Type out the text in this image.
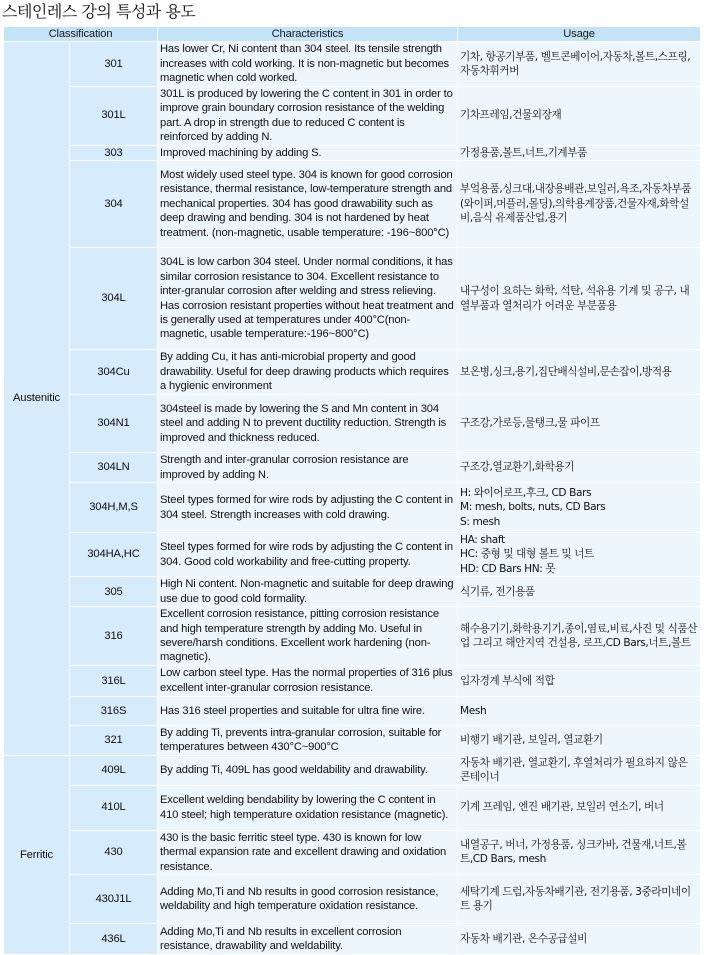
스테인레스 강의 특성과 용도
Classification		Characteristics	Usage
Austenitic	301	Has lower Cr, Ni content than 304 steel. Its tensile strength increases with cold working. It is non-magnetic but becomes magnetic when cold worked.	기차, 항공기부품, 벨트콘베이어,자동차,볼트,스프링,자동차휘커버
	301L	301L is produced by lowering the C content in 301 in order to improve grain boundary corrosion resistance of the welding part. A drop in strength due to reduced C content is reinforced by adding N.	기차프레임,건물외장재
	303	Improved machining by adding S.	가정용품,볼트,너트,기계부품
	304	Most widely used steel type. 304 is known for good corrosion resistance, thermal resistance, low-temperature strength and mechanical properties. 304 has good drawability such as deep drawing and bending. 304 is not hardened by heat treatment. (non-magnetic, usable temperature: -196~800°C)	부엌용품,싱크대,내장용배관,보일러,욕조,자동차부품(와이퍼,머플러,몰딩),의학용계장품,건물자재,화학설비,음식 유제품산업,용기
	304L	304L is low carbon 304 steel. Under normal conditions, it has similar corrosion resistance to 304. Excellent resistance to inter-granular corrosion after welding and stress relieving. Has corrosion resistant properties without heat treatment and is generally used at temperatures under 400°C(non-magnetic, usable temperature:-196~800°C)	내구성이 요하는 화학, 석탄, 석유용 기계 및 공구, 내열부품과 열처리가 어려운 부분품용
	304Cu	By adding Cu, it has anti-microbial property and good drawability. Useful for deep drawing products which requires a hygienic environment	보온병,싱크,용기,집단배식설비,문손잡이,방적용
	304N1	304steel is made by lowering the S and Mn content in 304 steel and adding N to prevent ductility reduction. Strength is improved and thickness reduced.	구조강,가로등,물탱크,물 파이프
	304LN	Strength and inter-granular corrosion resistance are improved by adding N.	구조강,열교환기,화학용기
	304H,M,S	Steel types formed for wire rods by adjusting the C content in 304 steel. Strength increases with cold drawing.	H: 와이어로프,후크, CD Bars
M: mesh, bolts, nuts, CD Bars
S: mesh

	304HA,HC	Steel types formed for wire rods by adjusting the C content in 304. Good cold workability and free-cutting property.	HA: shaft
HC: 중형 및 대형 볼트 및 너트
HD: CD Bars HN: 못

	305	High Ni content. Non-magnetic and suitable for deep drawing use due to good cold formality.	식기류, 전기용품
	316	Excellent corrosion resistance, pitting corrosion resistance and high temperature strength by adding Mo. Useful in severe/harsh conditions. Excellent work hardening (non-magnetic).	해수용기기,화학용기기,종이,염료,비료,사진 및 식품산업 그리고 해안지역 건설용, 로프,CD Bars,너트,볼트
	316L	Low carbon steel type. Has the normal properties of 316 plus excellent inter-granular corrosion resistance.	입자경계 부식에 적합
	316S	Has 316 steel properties and suitable for ultra fine wire.	Mesh
	321	By adding Ti, prevents intra-granular corrosion, suitable for temperatures between 430°C~900°C	비행기 배기관, 보일러, 열교환기
Ferritic	409L	By adding Ti, 409L has good weldability and drawability.	자동차 배기관, 열교환기, 후열처리가 필요하지 않은 콘테이너
	410L	Excellent welding bendability by lowering the C content in 410 steel; high temperature oxidation resistance (magnetic).	기계 프레임, 엔진 배기관, 보일러 연소기, 버너
	430	430 is the basic ferritic steel type. 430 is known for low thermal expansion rate and excellent drawing and oxidation resistance.	내열공구, 버너, 가정용품, 싱크카바, 건물재,너트,볼트,CD Bars, mesh
	430J1L	Adding Mo,Ti and Nb results in good corrosion resistance, weldability and high temperature oxidation resistance.	세탁기계 드럼,자동차배기관, 전기용품, 3중라미네이트 용기
	436L	Adding Mo,Ti and Nb results in excellent corrosion resistance, drawability and weldability.	자동차 배기관, 온수공급설비
